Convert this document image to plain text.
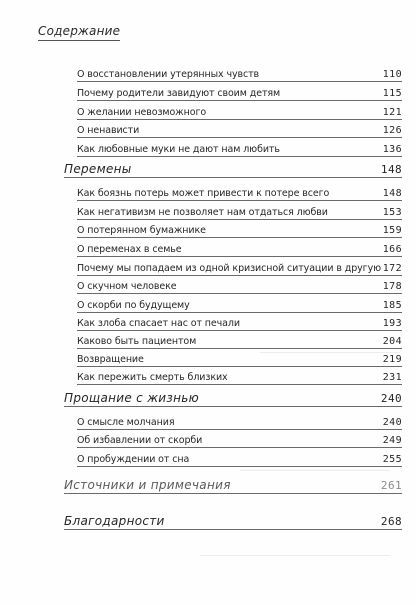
Содержание
О восстановлении утерянных чувств	110
Почему родители завидуют своим детям	115
О желании невозможного	121
О ненависти	126
Как любовные муки не дают нам любить	136
Перемены	148
Как боязнь потерь может привести к потере всего	148
Как негативизм не позволяет нам отдаться любви	153
О потерянном бумажнике	159
О переменах в семье	166
Почему мы попадаем из одной кризисной ситуации в другую 172
О скучном человеке	178
О скорби по будущему	185
Как злоба спасает нас от печали	193
Каково быть пациентом	204
Возвращение	219
Как пережить смерть близких	231
Прощание с жизнью	240
О смысле молчания	240
Об избавлении от скорби	249
О пробуждении от сна	255
Источники и примечания	261
Благодарности	268
